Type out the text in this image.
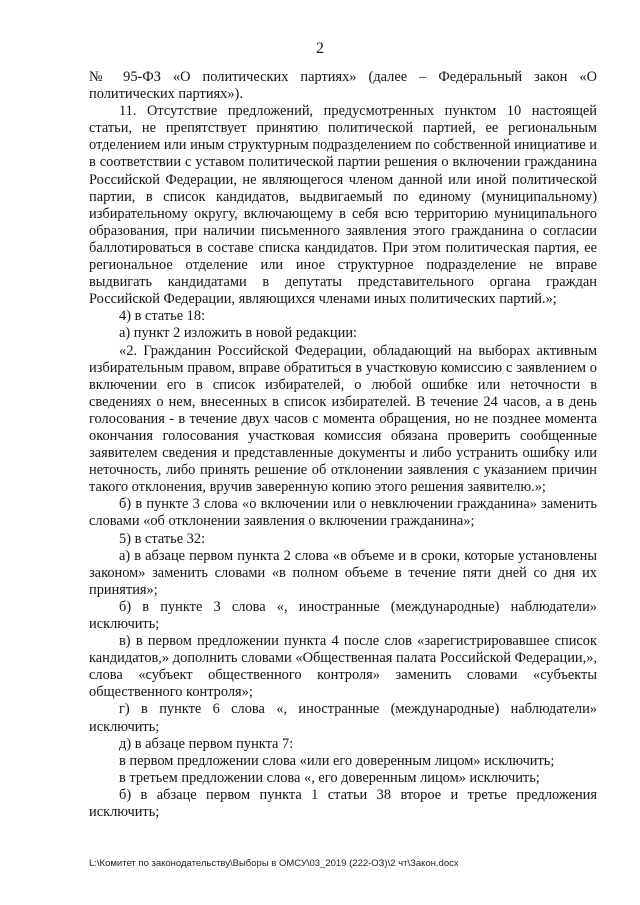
2

№ 95-ФЗ «О политических партиях» (далее – Федеральный закон «О политических партиях»).

11. Отсутствие предложений, предусмотренных пунктом 10 настоящей статьи, не препятствует принятию политической партией, ее региональным отделением или иным структурным подразделением по собственной инициативе и в соответствии с уставом политической партии решения о включении гражданина Российской Федерации, не являющегося членом данной или иной политической партии, в список кандидатов, выдвигаемый по единому (муниципальному) избирательному округу, включающему в себя всю территорию муниципального образования, при наличии письменного заявления этого гражданина о согласии баллотироваться в составе списка кандидатов. При этом политическая партия, ее региональное отделение или иное структурное подразделение не вправе выдвигать кандидатами в депутаты представительного органа граждан Российской Федерации, являющихся членами иных политических партий.»;

4) в статье 18:

а) пункт 2 изложить в новой редакции:

«2. Гражданин Российской Федерации, обладающий на выборах активным избирательным правом, вправе обратиться в участковую комиссию с заявлением о включении его в список избирателей, о любой ошибке или неточности в сведениях о нем, внесенных в список избирателей. В течение 24 часов, а в день голосования - в течение двух часов с момента обращения, но не позднее момента окончания голосования участковая комиссия обязана проверить сообщенные заявителем сведения и представленные документы и либо устранить ошибку или неточность, либо принять решение об отклонении заявления с указанием причин такого отклонения, вручив заверенную копию этого решения заявителю.»;

б) в пункте 3 слова «о включении или о невключении гражданина» заменить словами «об отклонении заявления о включении гражданина»;

5) в статье 32:

а) в абзаце первом пункта 2 слова «в объеме и в сроки, которые установлены законом» заменить словами «в полном объеме в течение пяти дней со дня их принятия»;

б) в пункте 3 слова «, иностранные (международные) наблюдатели» исключить;

в) в первом предложении пункта 4 после слов «зарегистрировавшее список кандидатов,» дополнить словами «Общественная палата Российской Федерации,», слова «субъект общественного контроля» заменить словами «субъекты общественного контроля»;

г) в пункте 6 слова «, иностранные (международные) наблюдатели» исключить;

д) в абзаце первом пункта 7:

в первом предложении слова «или его доверенным лицом» исключить;

в третьем предложении слова «, его доверенным лицом» исключить;

б) в абзаце первом пункта 1 статьи 38 второе и третье предложения исключить;

L:\Комитет по законодательству\Выборы в ОМСУ\03_2019 (222-ОЗ)\2 чт\Закон.docx
